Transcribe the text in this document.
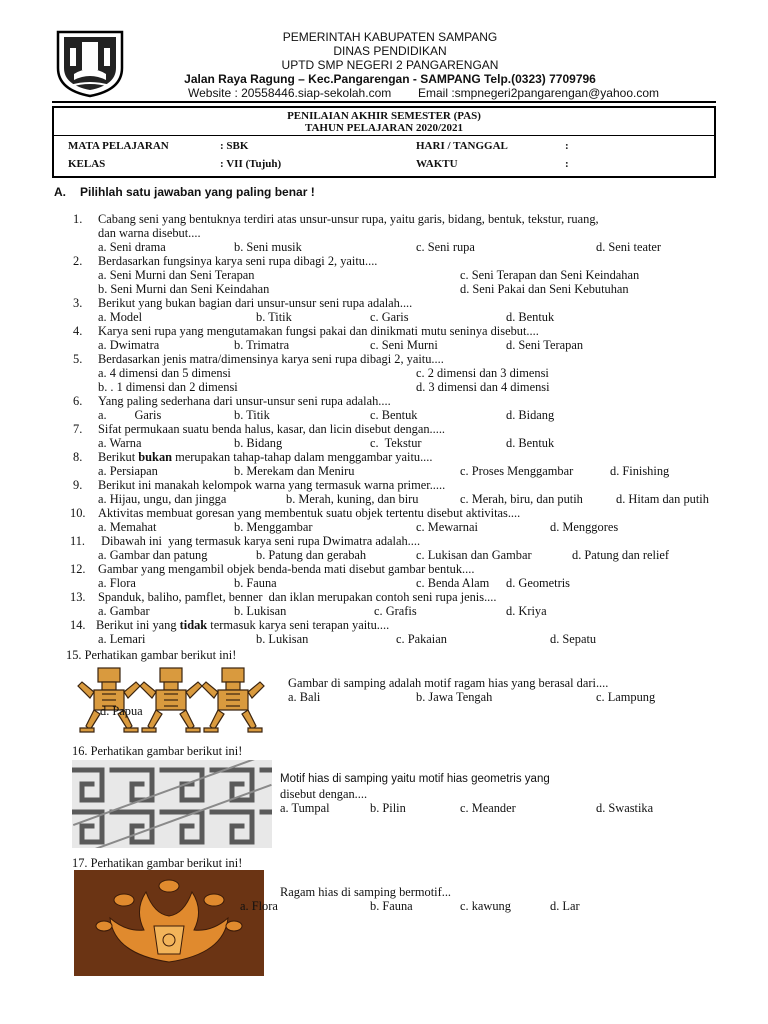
PEMERINTAH KABUPATEN SAMPANG
DINAS PENDIDIKAN
UPTD SMP NEGERI 2 PANGARENGAN
Jalan Raya Ragung – Kec.Pangarengan - SAMPANG Telp.(0323) 7709796
Website : 20558446.siap-sekolah.com Email :smpnegeri2pangarengan@yahoo.com
PENILAIAN AKHIR SEMESTER (PAS)
TAHUN PELAJARAN 2020/2021
MATA PELAJARAN	: SBK	HARI / TANGGAL	:
KELAS	: VII (Tujuh)	WAKTU	:
A. Pilihlah satu jawaban yang paling benar !
1. Cabang seni yang bentuknya terdiri atas unsur-unsur rupa, yaitu garis, bidang, bentuk, tekstur, ruang,
dan warna disebut....
a. Seni drama	b. Seni musik	c. Seni rupa	d. Seni teater
2. Berdasarkan fungsinya karya seni rupa dibagi 2, yaitu....
a. Seni Murni dan Seni Terapan	c. Seni Terapan dan Seni Keindahan
b. Seni Murni dan Seni Keindahan	d. Seni Pakai dan Seni Kebutuhan
3. Berikut yang bukan bagian dari unsur-unsur seni rupa adalah....
a. Model	b. Titik	c. Garis	d. Bentuk
4. Karya seni rupa yang mengutamakan fungsi pakai dan dinikmati mutu seninya disebut....
a. Dwimatra	b. Trimatra	c. Seni Murni	d. Seni Terapan
5. Berdasarkan jenis matra/dimensinya karya seni rupa dibagi 2, yaitu....
a. 4 dimensi dan 5 dimensi	c. 2 dimensi dan 3 dimensi
b. . 1 dimensi dan 2 dimensi	d. 3 dimensi dan 4 dimensi
6. Yang paling sederhana dari unsur-unsur seni rupa adalah....
a.         Garis	b. Titik	c. Bentuk	d. Bidang
7. Sifat permukaan suatu benda halus, kasar, dan licin disebut dengan.....
a. Warna	b. Bidang	c.  Tekstur	d. Bentuk
8. Berikut bukan merupakan tahap-tahap dalam menggambar yaitu....
a. Persiapan	b. Merekam dan Meniru	c. Proses Menggambar	d. Finishing
9. Berikut ini manakah kelompok warna yang termasuk warna primer.....
a. Hijau, ungu, dan jingga	b. Merah, kuning, dan biru	c. Merah, biru, dan putih	d. Hitam dan putih
10. Aktivitas membuat goresan yang membentuk suatu objek tertentu disebut aktivitas....
a. Memahat	b. Menggambar	c. Mewarnai	d. Menggores
11. Dibawah ini  yang termasuk karya seni rupa Dwimatra adalah....
a. Gambar dan patung	b. Patung dan gerabah	c. Lukisan dan Gambar	d. Patung dan relief
12. Gambar yang mengambil objek benda-benda mati disebut gambar bentuk....
a. Flora	b. Fauna	c. Benda Alam d. Geometris
13. Spanduk, baliho, pamflet, benner  dan iklan merupakan contoh seni rupa jenis....
a. Gambar	b. Lukisan	c. Grafis	d. Kriya
14. Berikut ini yang tidak termasuk karya seni terapan yaitu....
a. Lemari	b. Lukisan	c. Pakaian	d. Sepatu
15. Perhatikan gambar berikut ini!
Gambar di samping adalah motif ragam hias yang berasal dari....
a. Bali	b. Jawa Tengah	c. Lampung
d. Papua
16. Perhatikan gambar berikut ini!
Motif hias di samping yaitu motif hias geometris yang
disebut dengan....
a. Tumpal	b. Pilin	c. Meander	d. Swastika
17. Perhatikan gambar berikut ini!
Ragam hias di samping bermotif...
a. Flora	b. Fauna	c. kawung	d. Lar
